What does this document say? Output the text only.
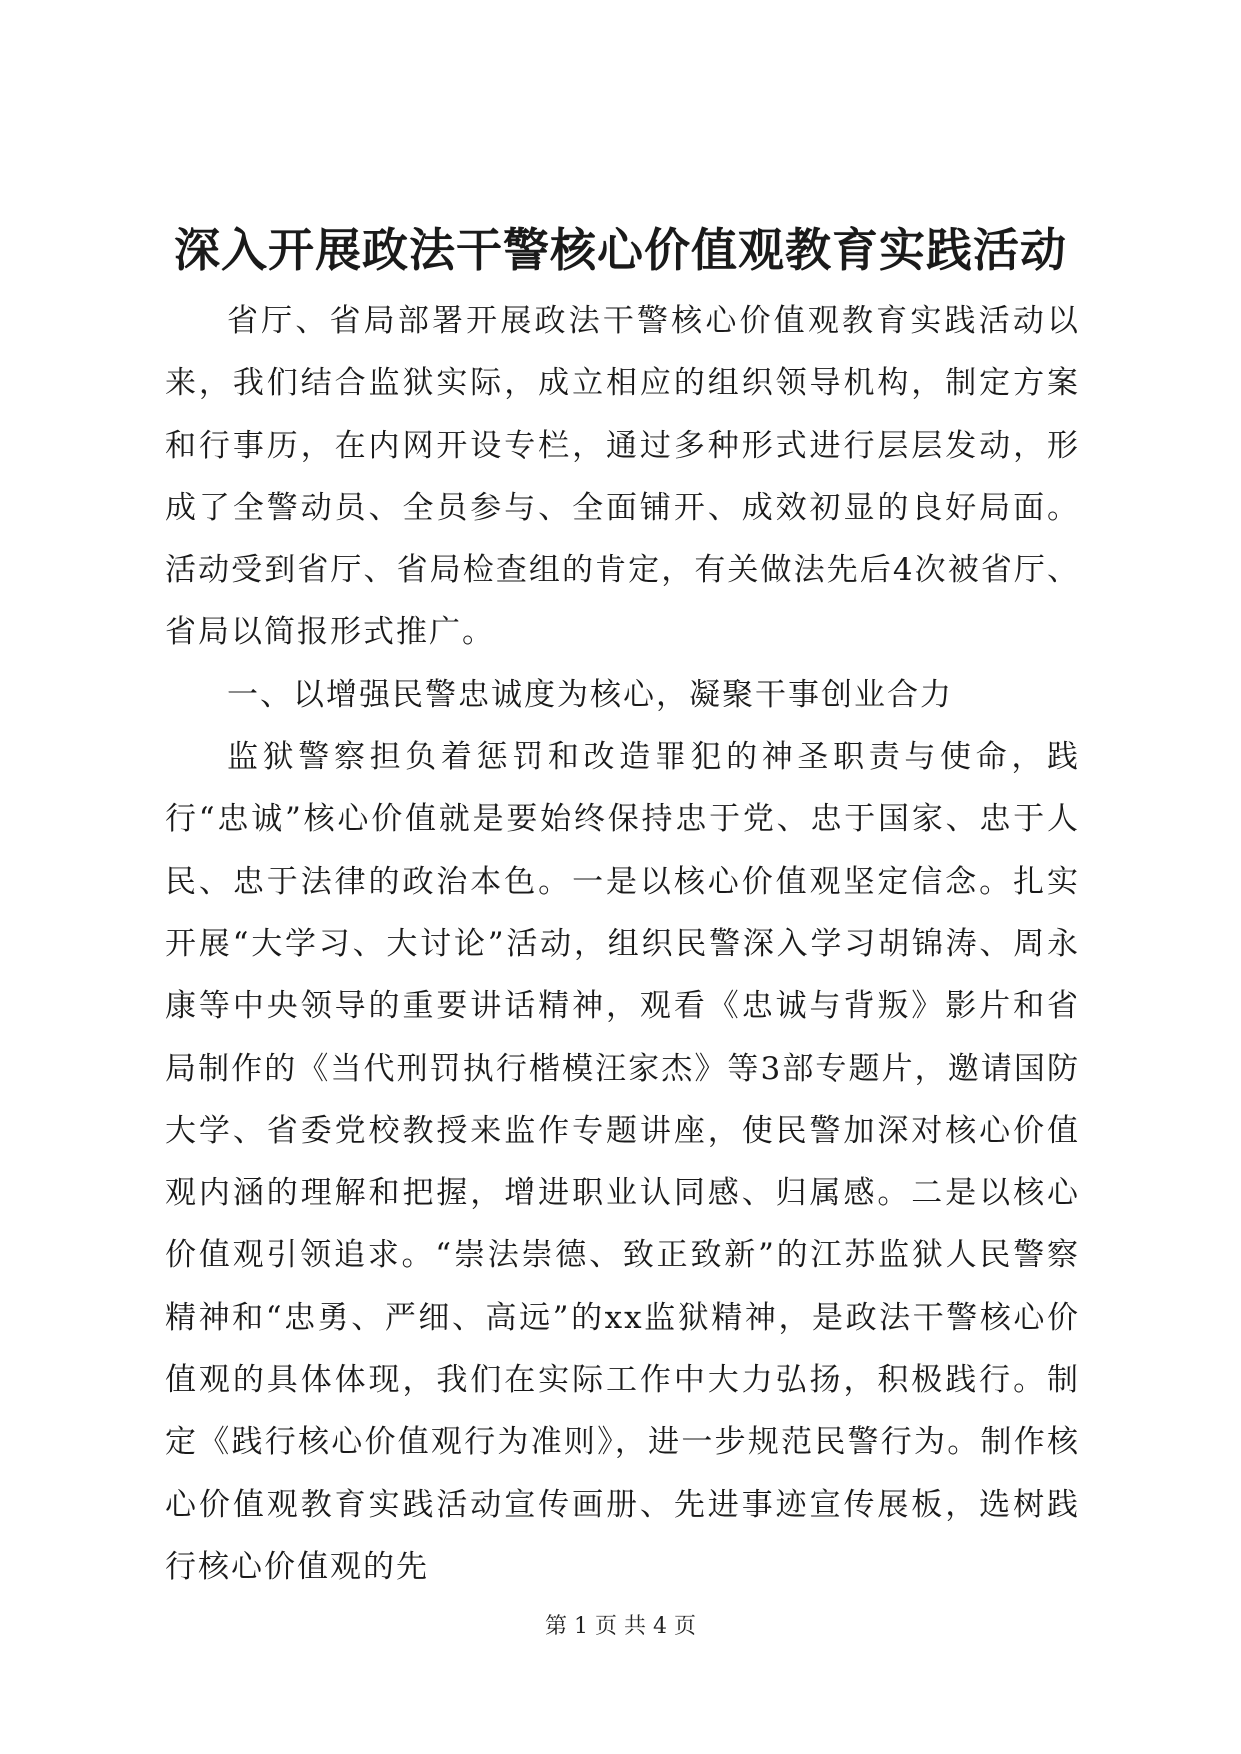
深入开展政法干警核心价值观教育实践活动

省厅、省局部署开展政法干警核心价值观教育实践活动以来，我们结合监狱实际，成立相应的组织领导机构，制定方案和行事历，在内网开设专栏，通过多种形式进行层层发动，形成了全警动员、全员参与、全面铺开、成效初显的良好局面。活动受到省厅、省局检查组的肯定，有关做法先后4次被省厅、省局以简报形式推广。

一、以增强民警忠诚度为核心，凝聚干事创业合力

监狱警察担负着惩罚和改造罪犯的神圣职责与使命，践行“忠诚”核心价值就是要始终保持忠于党、忠于国家、忠于人民、忠于法律的政治本色。一是以核心价值观坚定信念。扎实开展“大学习、大讨论”活动，组织民警深入学习胡锦涛、周永康等中央领导的重要讲话精神，观看《忠诚与背叛》影片和省局制作的《当代刑罚执行楷模汪家杰》等3部专题片，邀请国防大学、省委党校教授来监作专题讲座，使民警加深对核心价值观内涵的理解和把握，增进职业认同感、归属感。二是以核心价值观引领追求。“崇法崇德、致正致新”的江苏监狱人民警察精神和“忠勇、严细、高远”的xx监狱精神，是政法干警核心价值观的具体体现，我们在实际工作中大力弘扬，积极践行。制定《践行核心价值观行为准则》，进一步规范民警行为。制作核心价值观教育实践活动宣传画册、先进事迹宣传展板，选树践行核心价值观的先

第 1 页 共 4 页
